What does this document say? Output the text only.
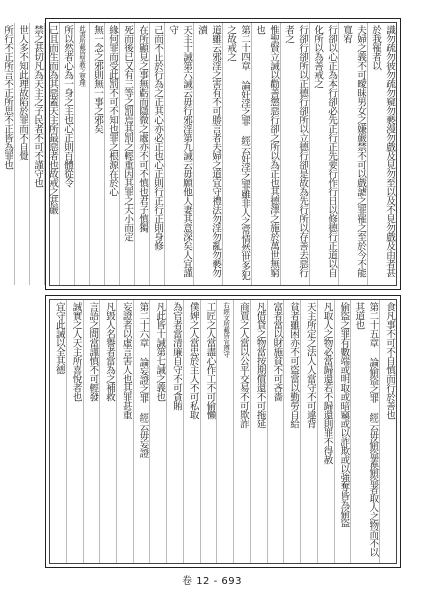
識勿疏勿彼勿疏勿窺勿褻漫勿戲及見勿至以及不見勿戲及由者甚於我罹者以
夫婦之義不可曖昧男女之嫌嚴禁不可以戲謔之罪罹之至於今不能寬宥
行卻以心正為本行卻必先正行正先要行作行日以修德行正道以自化所以為善戒之
行卻行卻所以正德行卻所以立德行卻是故為先行所以存善去惡行者之
惟聖賢立誡以勸善懲惡行卻之所以為正也其德澤之施於萬世無窮也
第二十四章 論奸淫之罪 經云奸淫之罪雖非人之常情然世多犯之故戒之
道雖云邪淫之害有不可勝言者夫婦之道宜守禮法勿淫勿亂勿褻勿瀆
天主十誡第六誡云毋行邪淫第九誡云毋願他人妻其意深矣人宜謹守
己而不止於行為之正其心亦必正也心正則行正行正則身修
在所顯見之事無虧而隱微之處亦不可不慎也君子慎獨
死而後已又有三等之罰焉其罰之輕重因其罪之大小而定
緣何罪而受此罰不可不知也罪之根源在於心
無一念之邪則無一事之邪矣
此書所載皆聖教之要理
所以然者心為一身之主也心正則百體從令
己且而生而為其惡蓋天主所最惡者也故戒之甚嚴
禁之甚切凡為天主之子民者不可不謹守也
世人多不知此理故陷於罪而不自覺
所行不正所言不正所思不正皆為罪也
食凡事不可不自慎而行於善也
第二十五章 論偷盜之罪 經云毋偷盜蓋偷盜者取人之物而不以其道也
偷盜之罪有數端或明取或暗竊或以詐欺或以強奪皆為偷盜
凡取人之物必當歸還若不歸還則罪不得赦
天主所定之法人人當守不可違背
貧者雖困亦不可盜當以勤勞自給
富者當以財施貧不可吝嗇
凡借貸之物當按期償還不可拖延
商賈之人當以公平交易不可欺詐
右經文所載皆宜遵守
工匠之人當盡心作工不可偷懶
僕婢之人當忠於主人不可私取
為官者當清廉自守不可貪賄
凡此皆十誡第七誡之義也
第二十六章 論妄證之罪 經云毋妄證
妄證者以虛言害人也其罪甚重
凡毀人名譽者當為之補救
言語之間當謹慎不可輕發
誠實之人天主所喜悅者也
宜守此誡以全其德
卷 12 - 693
